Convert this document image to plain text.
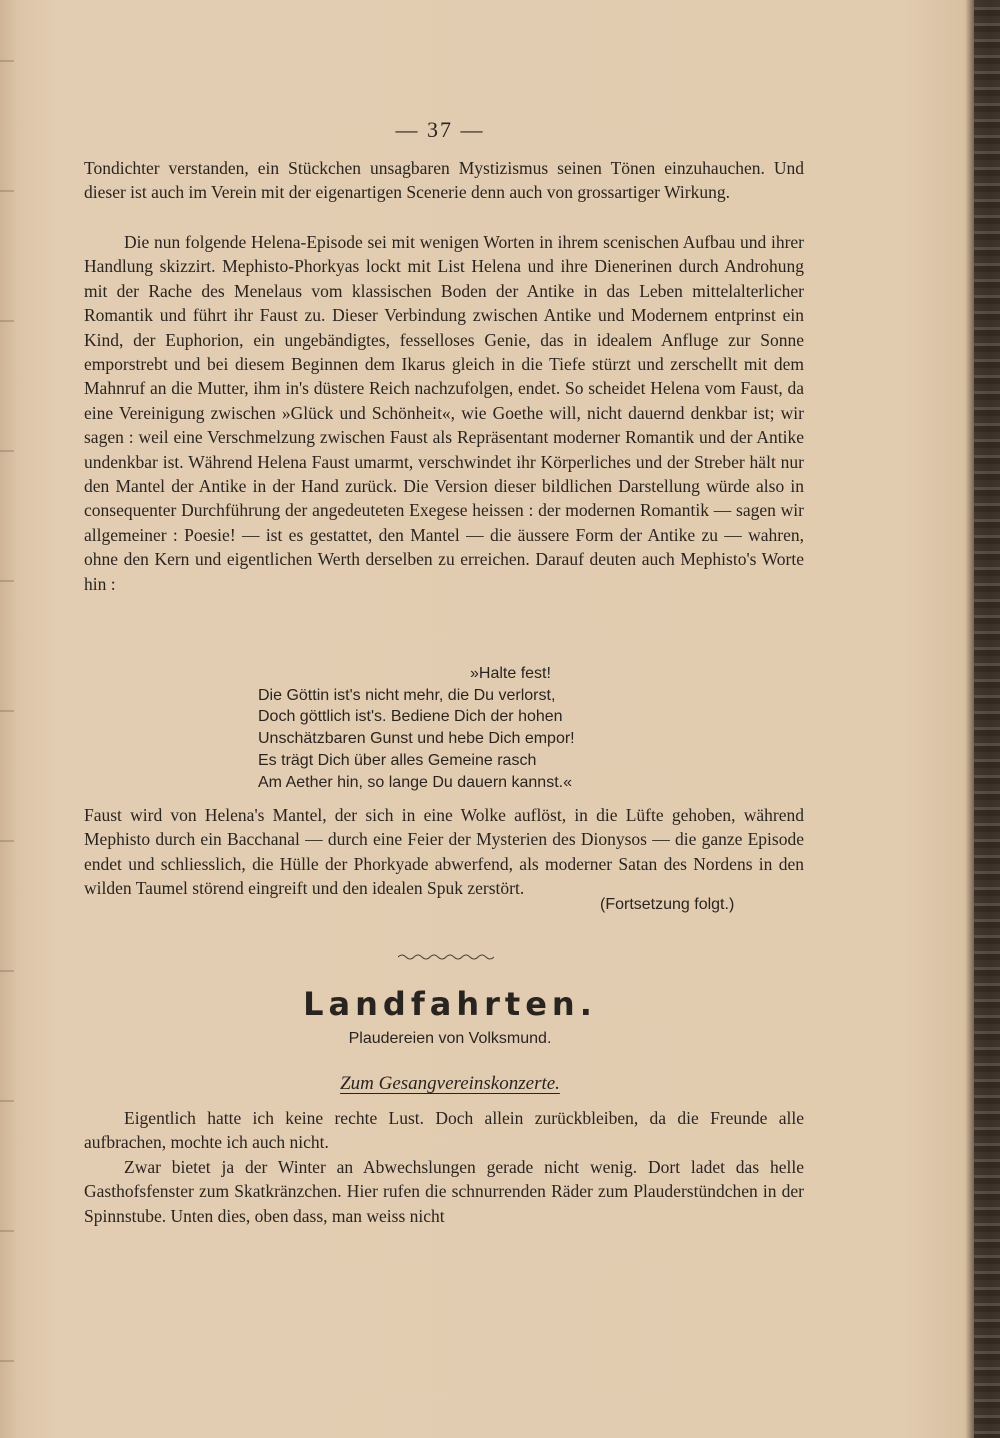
— 37 —

Tondichter verstanden, ein Stückchen unsagbaren Mystizismus seinen Tönen einzuhauchen. Und dieser ist auch im Verein mit der eigenartigen Scenerie denn auch von grossartiger Wirkung.

Die nun folgende Helena-Episode sei mit wenigen Worten in ihrem scenischen Aufbau und ihrer Handlung skizzirt. Mephisto-Phorkyas lockt mit List Helena und ihre Dienerinen durch Androhung mit der Rache des Menelaus vom klassischen Boden der Antike in das Leben mittelalterlicher Romantik und führt ihr Faust zu. Dieser Verbindung zwischen Antike und Modernem entprinst ein Kind, der Euphorion, ein ungebändigtes, fesselloses Genie, das in idealem Anfluge zur Sonne emporstrebt und bei diesem Beginnen dem Ikarus gleich in die Tiefe stürzt und zerschellt mit dem Mahnruf an die Mutter, ihm in's düstere Reich nachzufolgen, endet. So scheidet Helena vom Faust, da eine Vereinigung zwischen »Glück und Schönheit«, wie Goethe will, nicht dauernd denkbar ist; wir sagen : weil eine Verschmelzung zwischen Faust als Repräsentant moderner Romantik und der Antike undenkbar ist. Während Helena Faust umarmt, verschwindet ihr Körperliches und der Streber hält nur den Mantel der Antike in der Hand zurück. Die Version dieser bildlichen Darstellung würde also in consequenter Durchführung der angedeuteten Exegese heissen : der modernen Romantik — sagen wir allgemeiner : Poesie! — ist es gestattet, den Mantel — die äussere Form der Antike zu — wahren, ohne den Kern und eigentlichen Werth derselben zu erreichen. Darauf deuten auch Mephisto's Worte hin :

»Halte fest!
Die Göttin ist's nicht mehr, die Du verlorst,
Doch göttlich ist's. Bediene Dich der hohen
Unschätzbaren Gunst und hebe Dich empor!
Es trägt Dich über alles Gemeine rasch
Am Aether hin, so lange Du dauern kannst.«

Faust wird von Helena's Mantel, der sich in eine Wolke auflöst, in die Lüfte gehoben, während Mephisto durch ein Bacchanal — durch eine Feier der Mysterien des Dionysos — die ganze Episode endet und schliesslich, die Hülle der Phorkyade abwerfend, als moderner Satan des Nordens in den wilden Taumel störend eingreift und den idealen Spuk zerstört.

(Fortsetzung folgt.)
Landfahrten.
Plaudereien von Volksmund.
Zum Gesangvereinskonzerte.

Eigentlich hatte ich keine rechte Lust. Doch allein zurückbleiben, da die Freunde alle aufbrachen, mochte ich auch nicht.

Zwar bietet ja der Winter an Abwechslungen gerade nicht wenig. Dort ladet das helle Gasthofsfenster zum Skatkränzchen. Hier rufen die schnurrenden Räder zum Plauderstündchen in der Spinnstube. Unten dies, oben dass, man weiss nicht
